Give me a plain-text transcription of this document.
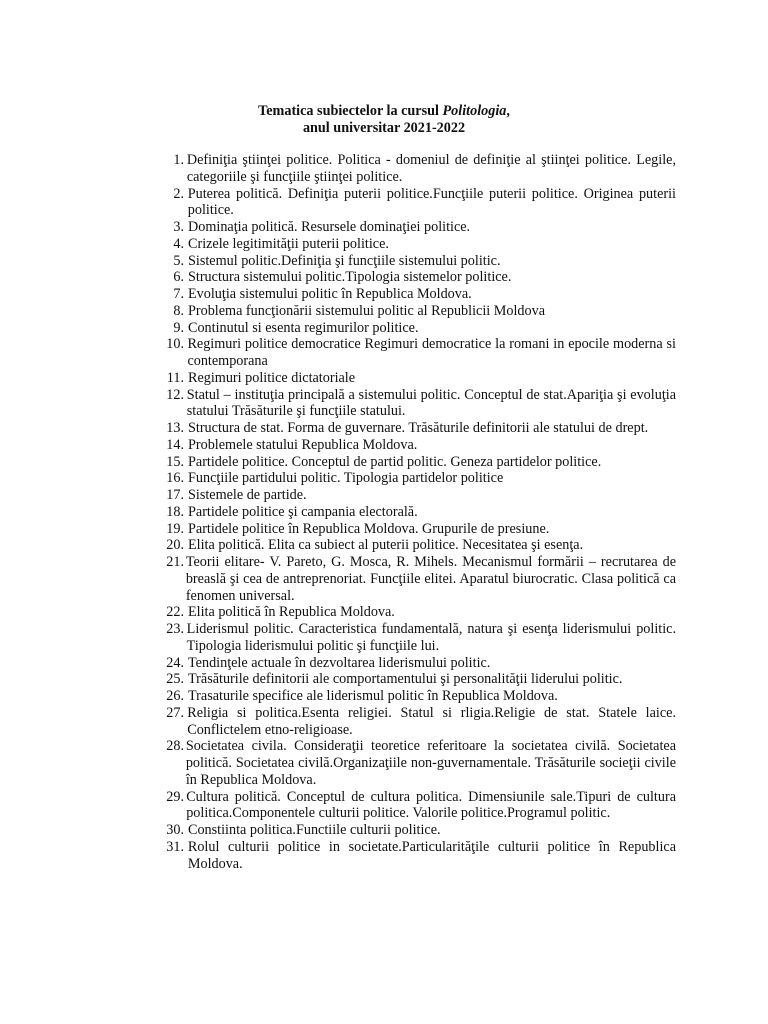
Tematica subiectelor la cursul Politologia,
anul universitar 2021-2022
1. Definiţia ştiinţei politice. Politica - domeniul de definiţie al ştiinţei politice. Legile, categoriile şi funcţiile ştiinţei politice.
2. Puterea politică. Definiţia puterii politice.Funcţiile puterii politice. Originea puterii politice.
3. Dominaţia politică. Resursele dominaţiei politice.
4. Crizele legitimităţii puterii politice.
5. Sistemul politic.Definiţia şi funcţiile sistemului politic.
6. Structura sistemului politic.Tipologia sistemelor politice.
7. Evoluţia sistemului politic în Republica Moldova.
8. Problema funcţionării sistemului politic al Republicii Moldova
9. Continutul si esenta regimurilor politice.
10. Regimuri politice democratice Regimuri democratice la romani in epocile moderna si contemporana
11. Regimuri politice dictatoriale
12. Statul – instituţia principală a sistemului politic. Conceptul de stat.Apariţia şi evoluţia statului Trăsăturile şi funcţiile statului.
13. Structura de stat. Forma de guvernare. Trăsăturile definitorii ale statului de drept.
14. Problemele statului Republica Moldova.
15. Partidele politice. Conceptul de partid politic. Geneza partidelor politice.
16. Funcţiile partidului politic. Tipologia partidelor politice
17. Sistemele de partide.
18. Partidele politice şi campania electorală.
19. Partidele politice în Republica Moldova. Grupurile de presiune.
20. Elita politică. Elita ca subiect al puterii politice. Necesitatea şi esenţa.
21. Teorii elitare- V. Pareto, G. Mosca, R. Mihels. Mecanismul formării – recrutarea de breaslă şi cea de antreprenoriat. Funcţiile elitei. Aparatul biurocratic. Clasa politică ca fenomen universal.
22. Elita politică în Republica Moldova.
23. Liderismul politic. Caracteristica fundamentală, natura şi esenţa liderismului politic. Tipologia liderismului politic şi funcţiile lui.
24. Tendinţele actuale în dezvoltarea liderismului politic.
25. Trăsăturile definitorii ale comportamentului şi personalităţii liderului politic.
26. Trasaturile specifice ale liderismul politic în Republica Moldova.
27. Religia si politica.Esenta religiei. Statul si rligia.Religie de stat. Statele laice. Conflictelem etno-religioase.
28. Societatea civila. Consideraţii teoretice referitoare la societatea civilă. Societatea politică. Societatea civilă.Organizaţiile non-guvernamentale. Trăsăturile socieţii civile în Republica Moldova.
29. Cultura politică. Conceptul de cultura politica. Dimensiunile sale.Tipuri de cultura politica.Componentele culturii politice. Valorile politice.Programul politic.
30. Constiinta politica.Functiile culturii politice.
31. Rolul culturii politice in societate.Particularităţile culturii politice în Republica Moldova.
